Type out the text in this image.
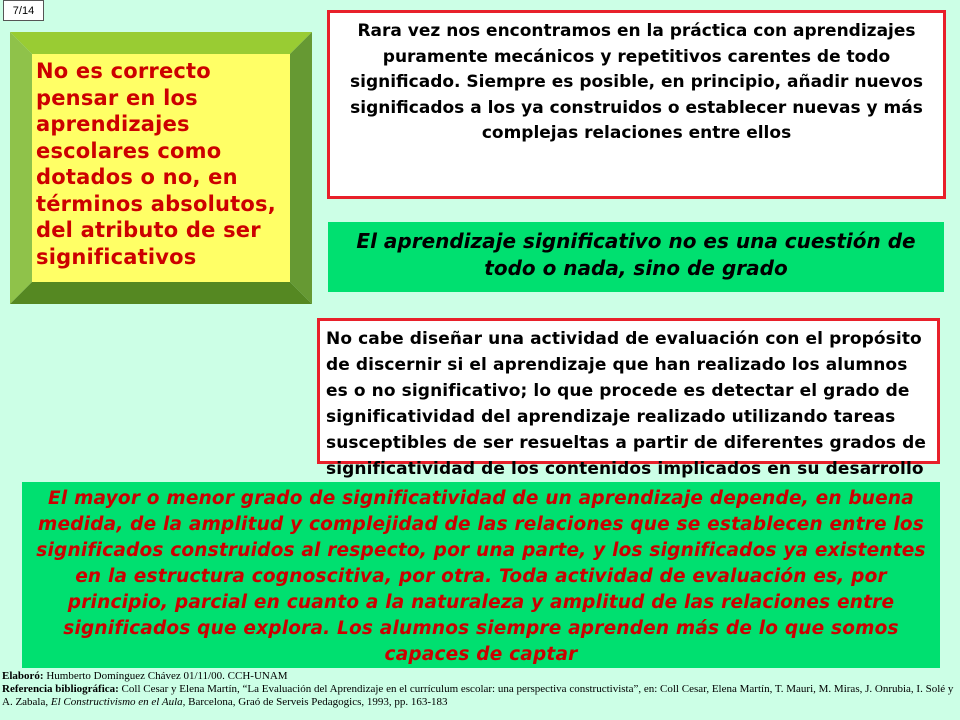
7/14
No es correcto pensar en los aprendizajes escolares como dotados o no, en términos absolutos, del atributo de ser significativos
Rara vez nos encontramos en la práctica con aprendizajes puramente mecánicos y repetitivos carentes de todo significado. Siempre es posible, en principio, añadir nuevos significados a los ya construidos o establecer nuevas y más complejas relaciones entre ellos
El aprendizaje significativo no es una cuestión de todo o nada, sino de grado
No cabe diseñar una actividad de evaluación con el propósito de discernir si el aprendizaje que han realizado los alumnos es o no significativo; lo que procede es detectar el grado de significatividad del aprendizaje realizado utilizando tareas susceptibles de ser resueltas a partir de diferentes grados de significatividad de los contenidos implicados en su desarrollo
El mayor o menor grado de significatividad de un aprendizaje depende, en buena medida, de la amplitud y complejidad de las relaciones que se establecen entre los significados construidos al respecto, por una parte, y los significados ya existentes en la estructura cognoscitiva, por otra. Toda actividad de evaluación es, por principio, parcial en cuanto a la naturaleza y amplitud de las relaciones entre significados que explora. Los alumnos siempre aprenden más de lo que somos capaces de captar
Elaboró: Humberto Domínguez Chávez 01/11/00. CCH-UNAM
Referencia bibliográfica: Coll Cesar y Elena Martín, “La Evaluación del Aprendizaje en el currículum escolar: una perspectiva constructivista”, en: Coll Cesar, Elena Martín, T. Mauri, M. Miras, J. Onrubia, I. Solé y A. Zabala, El Constructivismo en el Aula, Barcelona, Graó de Serveis Pedagogics, 1993, pp. 163-183
